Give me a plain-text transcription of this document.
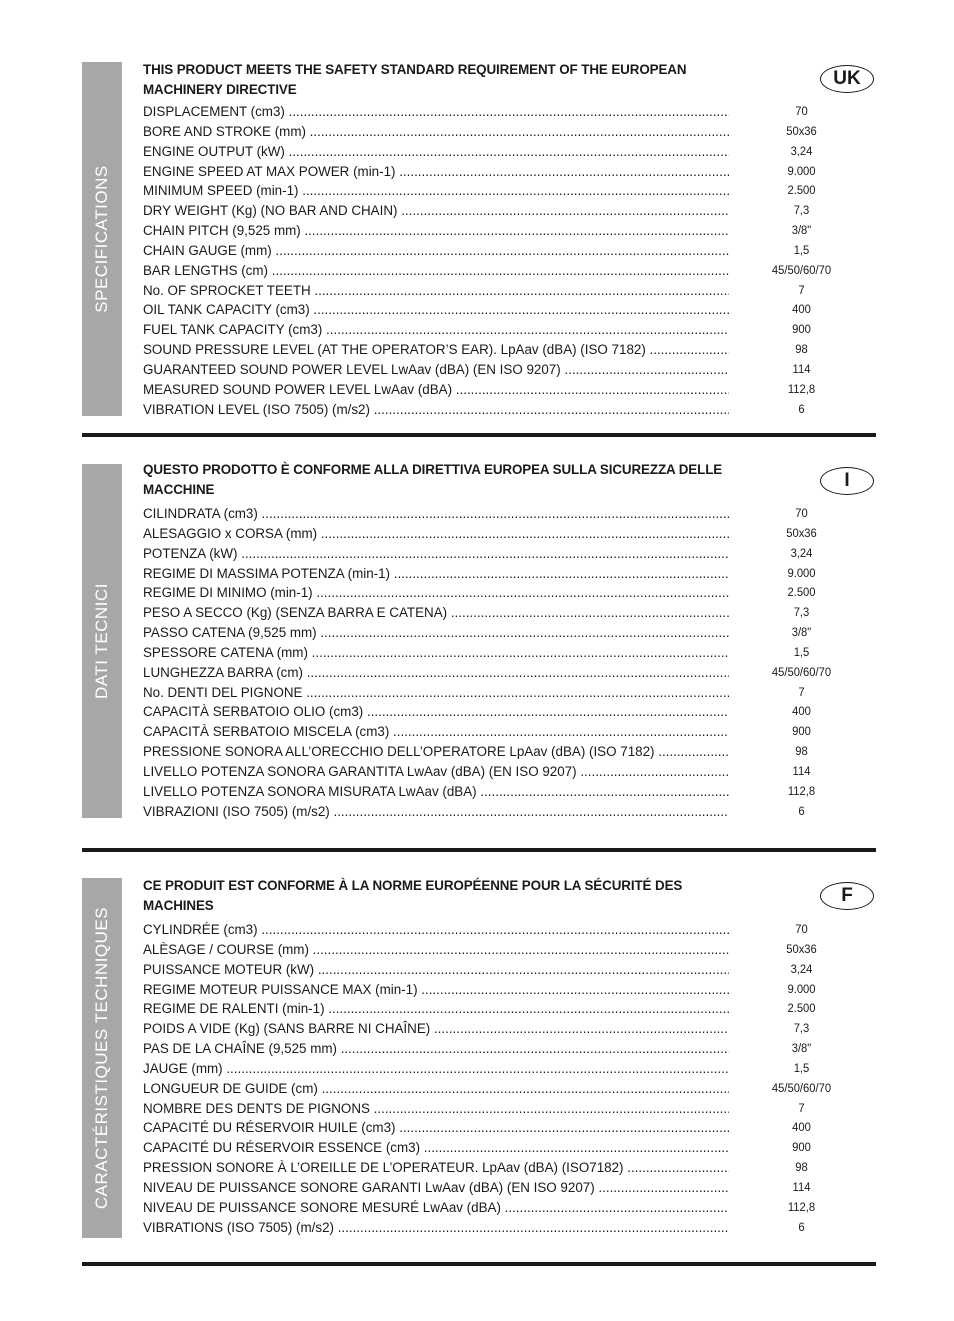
SPECIFICATIONS
UK
THIS PRODUCT MEETS THE SAFETY STANDARD REQUIREMENT OF THE EUROPEAN MACHINERY DIRECTIVE
DISPLACEMENT (cm3) .....	70
BORE AND STROKE (mm) .....	50x36
ENGINE OUTPUT (kW) .....	3,24
ENGINE SPEED AT MAX POWER (min-1) .....	9.000
MINIMUM SPEED (min-1) .....	2.500
DRY WEIGHT (Kg) (NO BAR AND CHAIN) .....	7,3
CHAIN PITCH (9,525 mm) .....	3/8"
CHAIN GAUGE (mm) .....	1,5
BAR LENGTHS (cm) .....	45/50/60/70
No. OF SPROCKET TEETH .....	7
OIL TANK CAPACITY (cm3) .....	400
FUEL TANK CAPACITY (cm3) .....	900
SOUND PRESSURE LEVEL (AT THE OPERATOR’S EAR). LpAav (dBA) (ISO 7182) .....	98
GUARANTEED SOUND POWER LEVEL LwAav (dBA) (EN ISO 9207) .....	114
MEASURED SOUND POWER LEVEL LwAav (dBA) .....	112,8
VIBRATION LEVEL (ISO 7505) (m/s2) .....	6
DATI TECNICI
I
QUESTO PRODOTTO È CONFORME ALLA DIRETTIVA EUROPEA SULLA SICUREZZA DELLE MACCHINE
CILINDRATA (cm3) .....	70
ALESAGGIO x CORSA (mm) .....	50x36
POTENZA (kW) .....	3,24
REGIME DI MASSIMA POTENZA (min-1) .....	9.000
REGIME DI MINIMO (min-1) .....	2.500
PESO A SECCO (Kg) (SENZA BARRA E CATENA) .....	7,3
PASSO CATENA (9,525 mm) .....	3/8"
SPESSORE CATENA (mm) .....	1,5
LUNGHEZZA BARRA (cm) .....	45/50/60/70
No. DENTI DEL PIGNONE .....	7
CAPACITÀ SERBATOIO OLIO (cm3) .....	400
CAPACITÀ SERBATOIO MISCELA (cm3) .....	900
PRESSIONE SONORA ALL’ORECCHIO DELL’OPERATORE LpAav (dBA) (ISO 7182) .....	98
LIVELLO POTENZA SONORA GARANTITA LwAav (dBA) (EN ISO 9207) .....	114
LIVELLO POTENZA SONORA MISURATA LwAav (dBA) .....	112,8
VIBRAZIONI (ISO 7505) (m/s2) .....	6
CARACTÉRISTIQUES TECHNIQUES
F
CE PRODUIT EST CONFORME À LA NORME EUROPÉENNE POUR LA SÉCURITÉ DES MACHINES
CYLINDRÉE (cm3) .....	70
ALÈSAGE / COURSE (mm) .....	50x36
PUISSANCE MOTEUR (kW) .....	3,24
REGIME MOTEUR PUISSANCE MAX (min-1) .....	9.000
REGIME DE RALENTI (min-1) .....	2.500
POIDS A VIDE (Kg) (SANS BARRE NI CHAÎNE) .....	7,3
PAS DE LA CHAÎNE (9,525 mm) .....	3/8"
JAUGE (mm) .....	1,5
LONGUEUR DE GUIDE (cm) .....	45/50/60/70
NOMBRE DES DENTS DE PIGNONS .....	7
CAPACITÉ DU RÉSERVOIR HUILE (cm3) .....	400
CAPACITÉ DU RÉSERVOIR ESSENCE (cm3) .....	900
PRESSION SONORE À L’OREILLE DE L’OPERATEUR. LpAav (dBA) (ISO7182) .....	98
NIVEAU DE PUISSANCE SONORE GARANTI LwAav (dBA) (EN ISO 9207) .....	114
NIVEAU DE PUISSANCE SONORE MESURÉ LwAav (dBA) .....	112,8
VIBRATIONS (ISO 7505) (m/s2) .....	6
